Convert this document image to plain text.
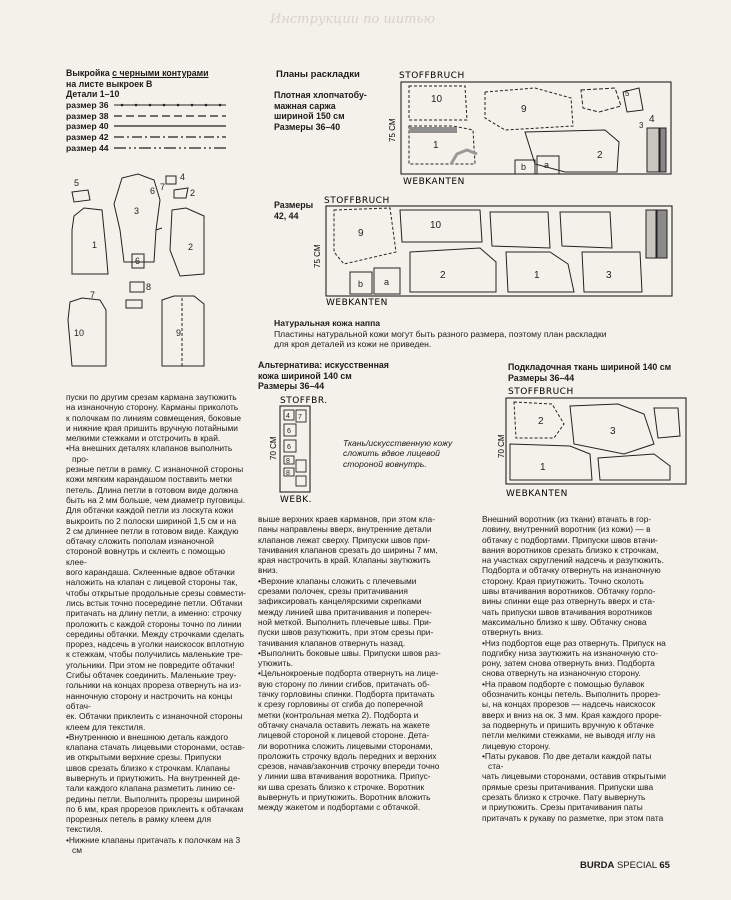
Инструкции по шитью

Выкройка с черными контурами

на листе выкроек В

Детали 1–10

размер 36
размер 38
размер 40
размер 42
размер 44
5
6 7
4
2
3
1	2
6
8
7
10	9
Планы раскладки

Плотная хлопчатобу-

мажная саржа

шириной 150 см

Размеры 36–40

STOFFBRUCH
WEBKANTEN
75 CM
10
9
5
4
3
1
2
b a

Размеры

42, 44

STOFFBRUCH
WEBKANTEN
75 CM
9
10
2
b a
1	3

Натуральная кожа наппа

Пластины натуральной кожи могут быть разного размера, поэтому план раскладки

для кроя деталей из кожи не приведен.

Альтернатива: искусственная

кожа шириной 140 см

Размеры 36–44

STOFFBR.
WEBK.
70 CM
4 7
6
6
8
8
Ткань/искусственную кожу
сложить вдвое лицевой
стороной вовнутрь.

Подкладочная ткань шириной 140 см

Размеры 36–44

STOFFBRUCH
WEBKANTEN
70 CM
2
3
1

пуски по другим срезам кармана заутюжить

на изнаночную сторону. Карманы приколоть

к полочкам по линиям совмещения, боковые

и нижние края пришить вручную потайными

мелкими стежками и отстрочить в край.

•На внешних деталях клапанов выполнить про-

резные петли в рамку. С изнаночной стороны

кожи мягким карандашом поставить метки

петель. Длина петли в готовом виде должна

быть на 2 мм больше, чем диаметр пуговицы.

Для обтачки каждой петли из лоскута кожи

выкроить по 2 полоски шириной 1,5 см и на

2 см длиннее петли в готовом виде. Каждую

обтачку сложить пополам изнаночной

стороной вовнутрь и склеить с помощью клее-

вого карандаша. Склеенные вдвое обтачки

наложить на клапан с лицевой стороны так,

чтобы открытые продольные срезы совмести-

лись встык точно посередине петли. Обтачки

притачать на длину петли, а именно: строчку

проложить с каждой стороны точно по линии

середины обтачки. Между строчками сделать

прорез, надсечь в уголки наискосок вплотную

к стежкам, чтобы получились маленькие тре-

угольники. При этом не повредите обтачки!

Сгибы обтачек соединить. Маленькие треу-

гольники на концах прореза отвернуть на из-

нанночную сторону и настрочить на концы обтач-

ек. Обтачки приклеить с изнаночной стороны

клеем для текстиля.

•Внутреннюю и внешнюю деталь каждого

клапана стачать лицевыми сторонами, остав-

ив открытыми верхние срезы. Припуски

швов срезать близко к строчкам. Клапаны

вывернуть и приутюжить. На внутренней де-

тали каждого клапана разметить линию се-

редины петли. Выполнить прорезы шириной

по 6 мм, края прорезов приклеить к обтачкам

прорезных петель в рамку клеем для текстиля.

•Нижние клапаны притачать к полочкам на 3 см

выше верхних краев карманов, при этом кла-

паны направлены вверх, внутренние детали

клапанов лежат сверху. Припуски швов при-

тачивания клапанов срезать до ширины 7 мм,

края настрочить в край. Клапаны заутюжить

вниз.

•Верхние клапаны сложить с плечевыми

срезами полочек, срезы притачивания

зафиксировать канцелярскими скрепками

между линией шва притачивания и попереч-

ной меткой. Выполнить плечевые швы. При-

пуски швов разутюжить, при этом срезы при-

тачивания клапанов отвернуть назад.

•Выполнить боковые швы. Припуски швов раз-

утюжить.

•Цельнокроеные подборта отвернуть на лице-

вую сторону по линии сгибов, притачать об-

тачку горловины спинки. Подборта притачать

к срезу горловины от сгиба до поперечной

метки (контрольная метка 2). Подборта и

обтачку сначала оставить лежать на жакете

лицевой стороной к лицевой стороне. Дета-

ли воротника сложить лицевыми сторонами,

проложить строчку вдоль передних и верхних

срезов, начав/закончив строчку впереди точно

у линии шва втачивания воротника. Припус-

ки шва срезать близко к строчке. Воротник

вывернуть и приутюжить. Воротник вложить

между жакетом и подбортами с обтачкой.

Внешний воротник (из ткани) втачать в гор-

ловину, внутренний воротник (из кожи) — в

обтачку с подбортами. Припуски швов втачи-

вания воротников срезать близко к строчкам,

на участках скруглений надсечь и разутюжить.

Подборта и обтачку отвернуть на изнаночную

сторону. Края приутюжить. Точно сколоть

швы втачивания воротников. Обтачку горло-

вины спинки еще раз отвернуть вверх и ста-

чать припуски швов втачивания воротников

максимально близко к шву. Обтачку снова

отвернуть вниз.

•Низ подбортов еще раз отвернуть. Припуск на

подгибку низа заутюжить на изнаночную сто-

рону, затем снова отвернуть вниз. Подборта

снова отвернуть на изнаночную сторону.

•На правом подборте с помощью булавок

обозначить концы петель. Выполнить прорез-

ы, на концах прорезов — надсечь наискосок

вверх и вниз на ок. 3 мм. Края каждого проре-

за подвернуть и пришить вручную к обтачке

петли мелкими стежками, не выводя иглу на

лицевую сторону.

•Паты рукавов. По две детали каждой паты ста-

чать лицевыми сторонами, оставив открытыми

прямые срезы притачивания. Припуски шва

срезать близко к строчке. Пату вывернуть

и приутюжить. Срезы притачивания паты

притачать к рукаву по разметке, при этом пата

BURDA SPECIAL 65
